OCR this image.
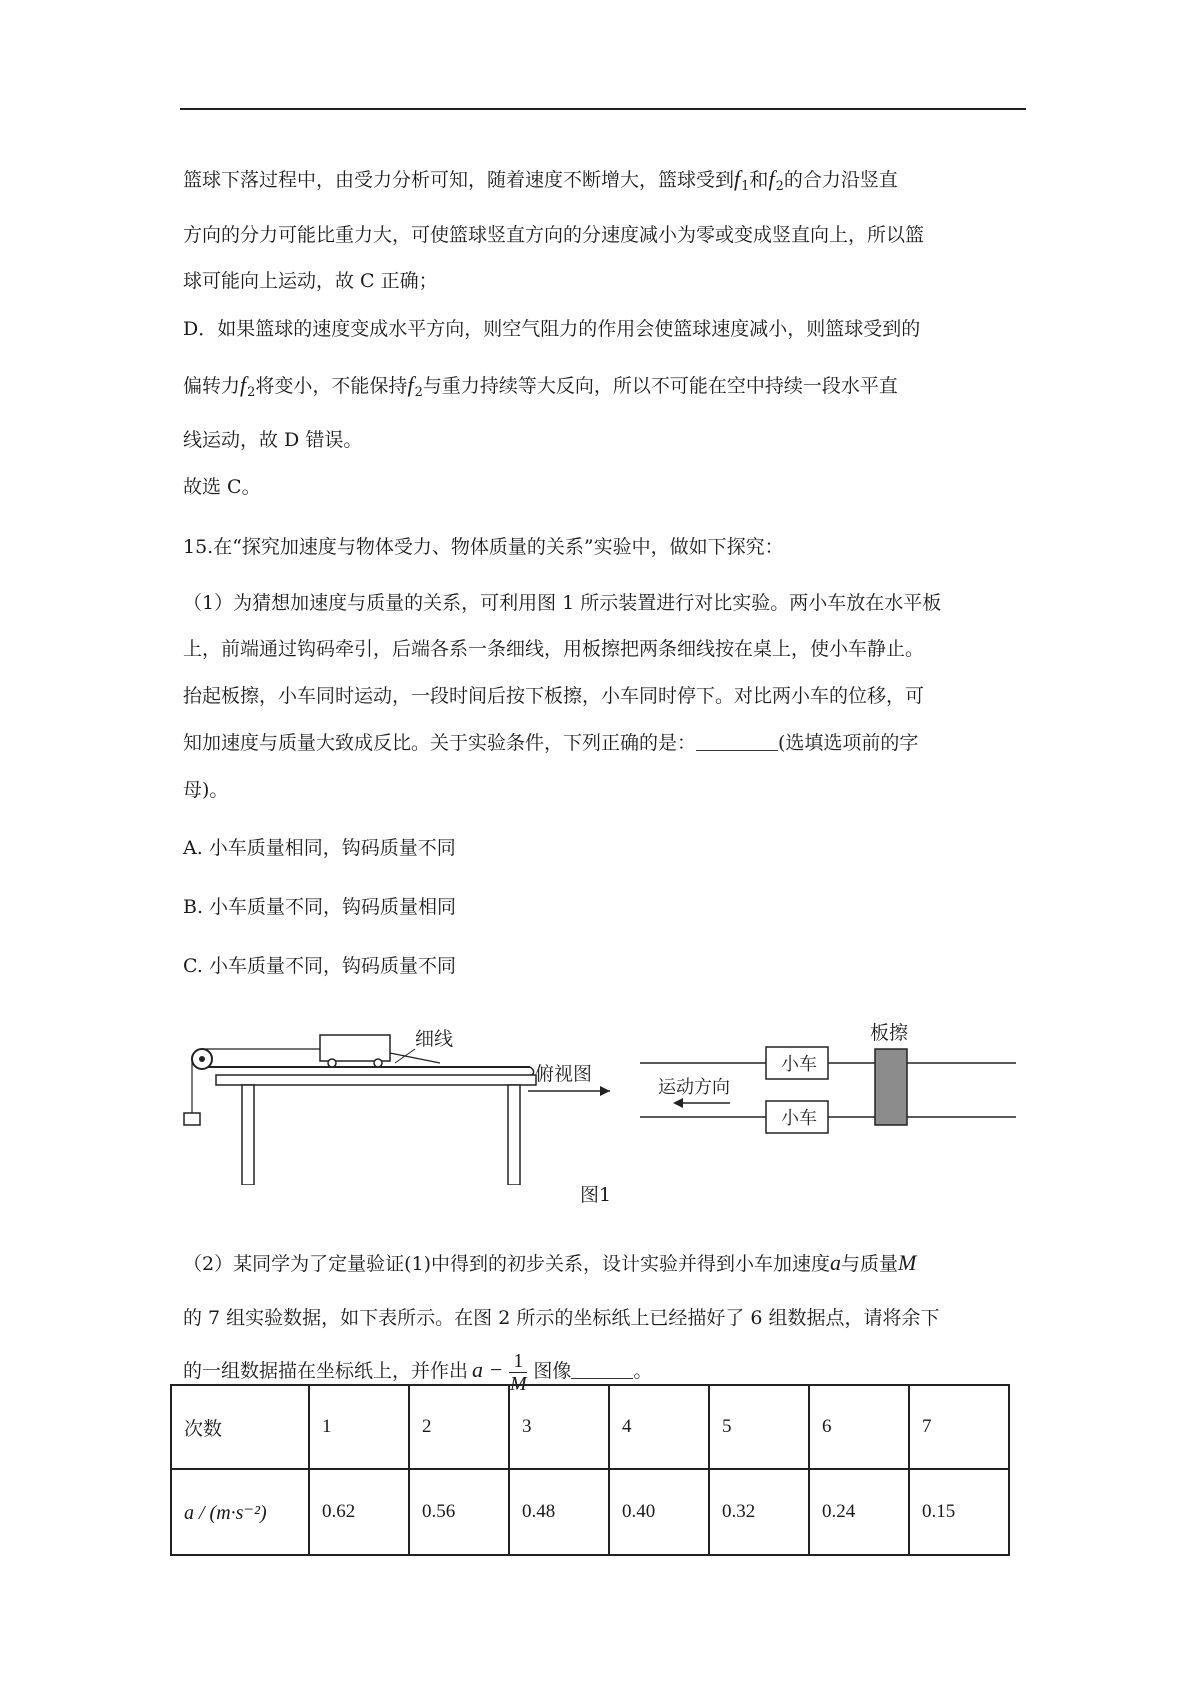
篮球下落过程中，由受力分析可知，随着速度不断增大，篮球受到$f_1$和$f_2$的合力沿竖直
方向的分力可能比重力大，可使篮球竖直方向的分速度减小为零或变成竖直向上，所以篮
球可能向上运动，故 C 正确；
D．如果篮球的速度变成水平方向，则空气阻力的作用会使篮球速度减小，则篮球受到的
偏转力$f_2$将变小，不能保持$f_2$与重力持续等大反向，所以不可能在空中持续一段水平直
线运动，故 D 错误。
故选 C。
15.在“探究加速度与物体受力、物体质量的关系”实验中，做如下探究：
（1）为猜想加速度与质量的关系，可利用图 1 所示装置进行对比实验。两小车放在水平板
上，前端通过钩码牵引，后端各系一条细线，用板擦把两条细线按在桌上，使小车静止。
抬起板擦，小车同时运动，一段时间后按下板擦，小车同时停下。对比两小车的位移，可
知加速度与质量大致成反比。关于实验条件，下列正确的是：	(选填选项前的字
母)。
A. 小车质量相同，钩码质量不同
B. 小车质量不同，钩码质量相同
C. 小车质量不同，钩码质量不同
细线
俯视图	小车
小车
板擦
运动方向
图1
（2）某同学为了定量验证(1)中得到的初步关系，设计实验并得到小车加速度a与质量M
的 7 组实验数据，如下表所示。在图 2 所示的坐标纸上已经描好了 6 组数据点，请将余下
的一组数据描在坐标纸上，并作出 $a - \frac{1}{M}$ 图像	。
次数	1	2	3	4	5	6	7
a / (m·s⁻²)	0.62	0.56	0.48	0.40	0.32	0.24	0.15
